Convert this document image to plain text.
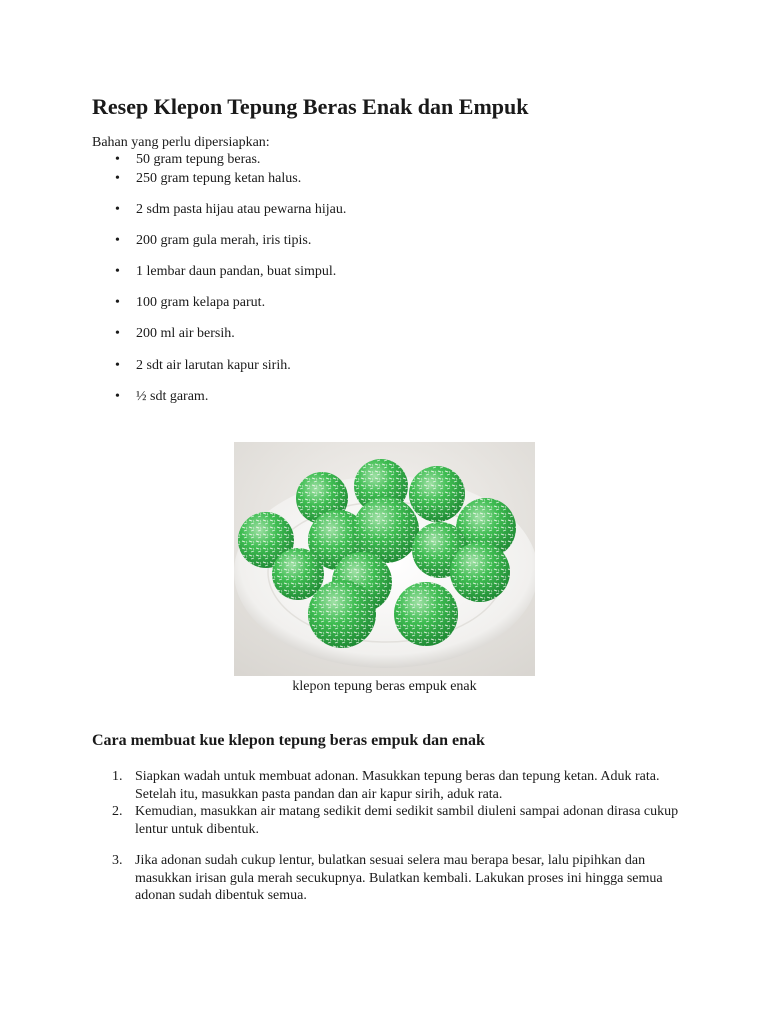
Resep Klepon Tepung Beras Enak dan Empuk

Bahan yang perlu dipersiapkan:

• 50 gram tepung beras.
• 250 gram tepung ketan halus.
• 2 sdm pasta hijau atau pewarna hijau.
• 200 gram gula merah, iris tipis.
• 1 lembar daun pandan, buat simpul.
• 100 gram kelapa parut.
• 200 ml air bersih.
• 2 sdt air larutan kapur sirih.
• ½ sdt garam.

klepon tepung beras empuk enak

Cara membuat kue klepon tepung beras empuk dan enak
1. Siapkan wadah untuk membuat adonan. Masukkan tepung beras dan tepung ketan. Aduk rata. Setelah itu, masukkan pasta pandan dan air kapur sirih, aduk rata.
2. Kemudian, masukkan air matang sedikit demi sedikit sambil diuleni sampai adonan dirasa cukup lentur untuk dibentuk.
3. Jika adonan sudah cukup lentur, bulatkan sesuai selera mau berapa besar, lalu pipihkan dan masukkan irisan gula merah secukupnya. Bulatkan kembali. Lakukan proses ini hingga semua adonan sudah dibentuk semua.
